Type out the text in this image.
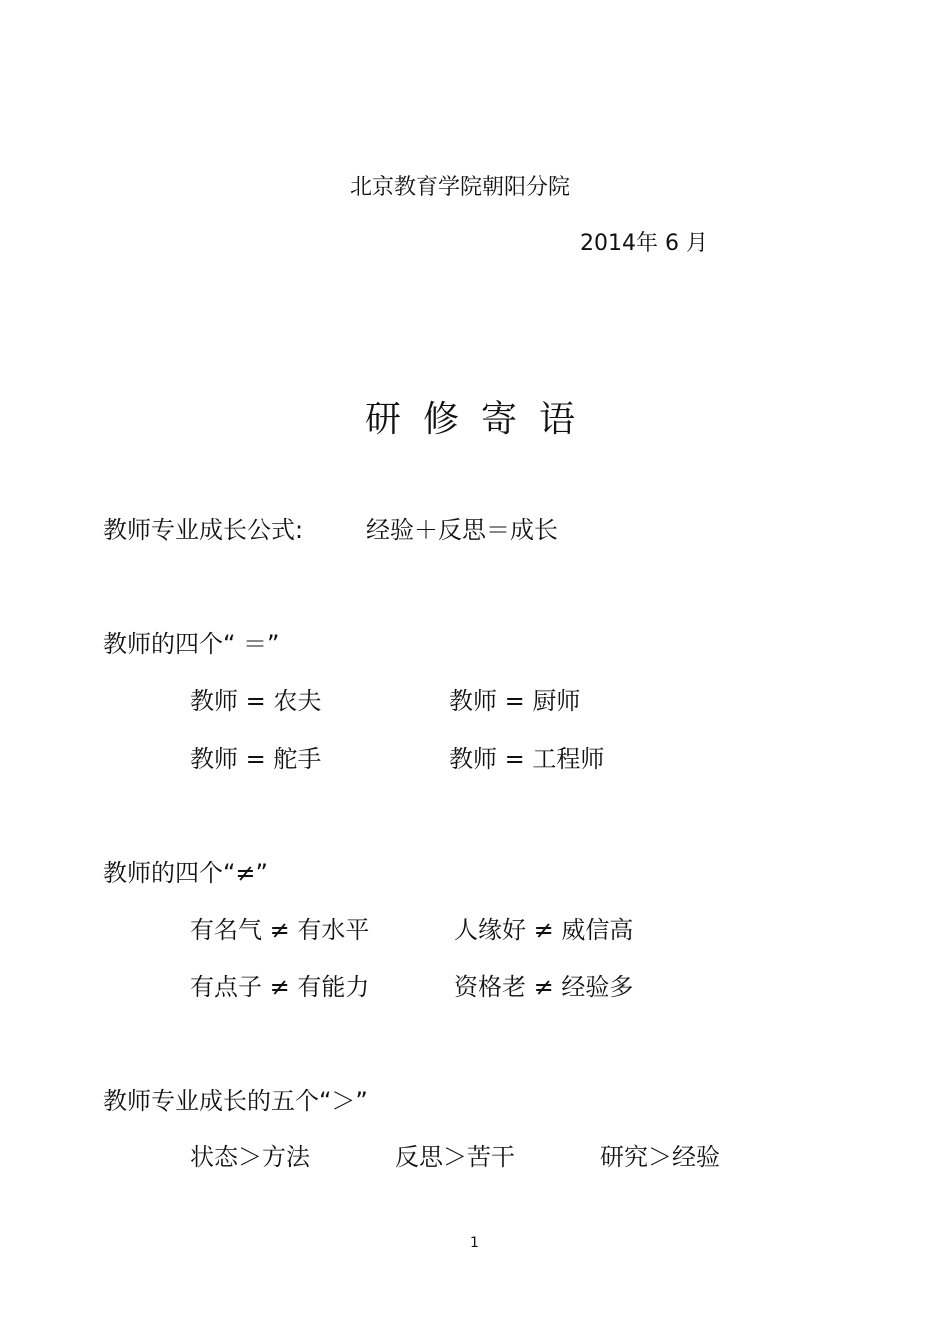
北京教育学院朝阳分院
2014年 6 月
研修寄语
教师专业成长公式:	经验＋反思＝成长
教师的四个“ ＝”
教师 = 农夫	教师 = 厨师
教师 = 舵手	教师 = 工程师
教师的四个“≠”
有名气 ≠ 有水平	人缘好 ≠ 威信高
有点子 ≠ 有能力	资格老 ≠ 经验多
教师专业成长的五个“＞”
状态＞方法	反思＞苦干	研究＞经验
1
